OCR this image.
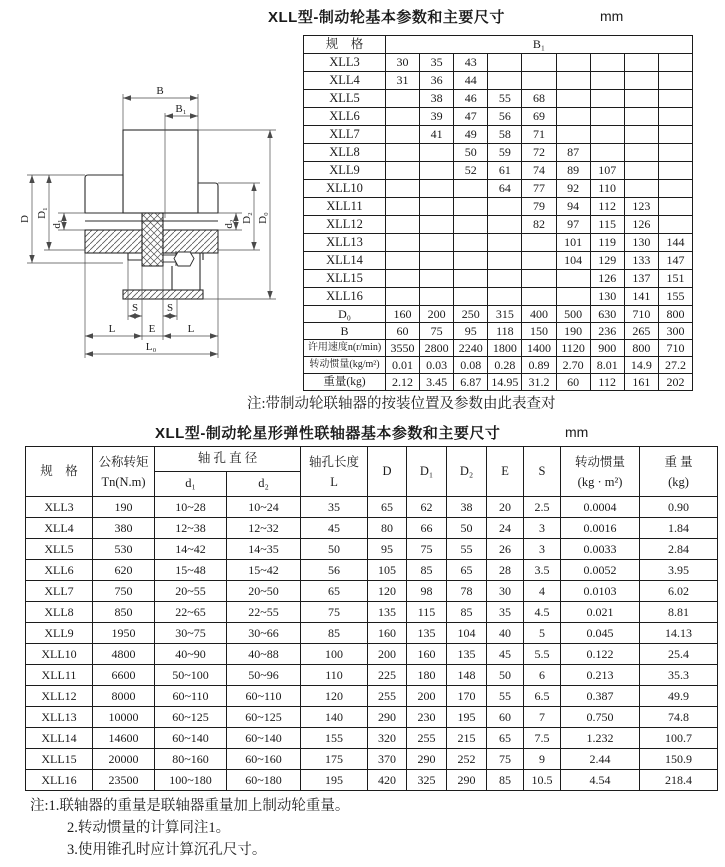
XLL型-制动轮基本参数和主要尺寸	mm
B
B₁
D
D₁
d₁	d₂
D₂ D₀
S	S
L	E	L
L₀
规　格	B₁								
XLL3	30	35	43						
XLL4	31	36	44						
XLL5		38	46	55	68				
XLL6		39	47	56	69				
XLL7		41	49	58	71				
XLL8			50	59	72	87			
XLL9			52	61	74	89	107		
XLL10				64	77	92	110		
XLL11					79	94	112	123	
XLL12					82	97	115	126	
XLL13						101	119	130	144
XLL14						104	129	133	147
XLL15							126	137	151
XLL16							130	141	155
D₀	160	200	250	315	400	500	630	710	800
B	60	75	95	118	150	190	236	265	300
许用速度n(r/min)	3550	2800	2240	1800	1400	1120	900	800	710
转动惯量(kg/m²)	0.01	0.03	0.08	0.28	0.89	2.70	8.01	14.9	27.2
重量(kg)	2.12	3.45	6.87	14.95	31.2	60	112	161	202
注:带制动轮联轴器的按装位置及参数由此表查对
XLL型-制动轮星形弹性联轴器基本参数和主要尺寸	mm
规　格	
公称转矩
Tn(N.m)
	轴 孔 直 径	轴孔长度
L
	D	D₁	D₂	E	S	
转动惯量
(kg · m²)

重 量
(kg)

		d₁	d₂								
XLL3	190	10~28	10~24	35	65	62	38	20	2.5	0.0004	0.90
XLL4	380	12~38	12~32	45	80	66	50	24	3	0.0016	1.84
XLL5	530	14~42	14~35	50	95	75	55	26	3	0.0033	2.84
XLL6	620	15~48	15~42	56	105	85	65	28	3.5	0.0052	3.95
XLL7	750	20~55	20~50	65	120	98	78	30	4	0.0103	6.02
XLL8	850	22~65	22~55	75	135	115	85	35	4.5	0.021	8.81
XLL9	1950	30~75	30~66	85	160	135	104	40	5	0.045	14.13
XLL10	4800	40~90	40~88	100	200	160	135	45	5.5	0.122	25.4
XLL11	6600	50~100	50~96	110	225	180	148	50	6	0.213	35.3
XLL12	8000	60~110	60~110	120	255	200	170	55	6.5	0.387	49.9
XLL13	10000	60~125	60~125	140	290	230	195	60	7	0.750	74.8
XLL14	14600	60~140	60~140	155	320	255	215	65	7.5	1.232	100.7
XLL15	20000	80~160	60~160	175	370	290	252	75	9	2.44	150.9
XLL16	23500	100~180	60~180	195	420	325	290	85	10.5	4.54	218.4
注:1.联轴器的重量是联轴器重量加上制动轮重量。
2.转动惯量的计算同注1。
3.使用锥孔时应计算沉孔尺寸。
